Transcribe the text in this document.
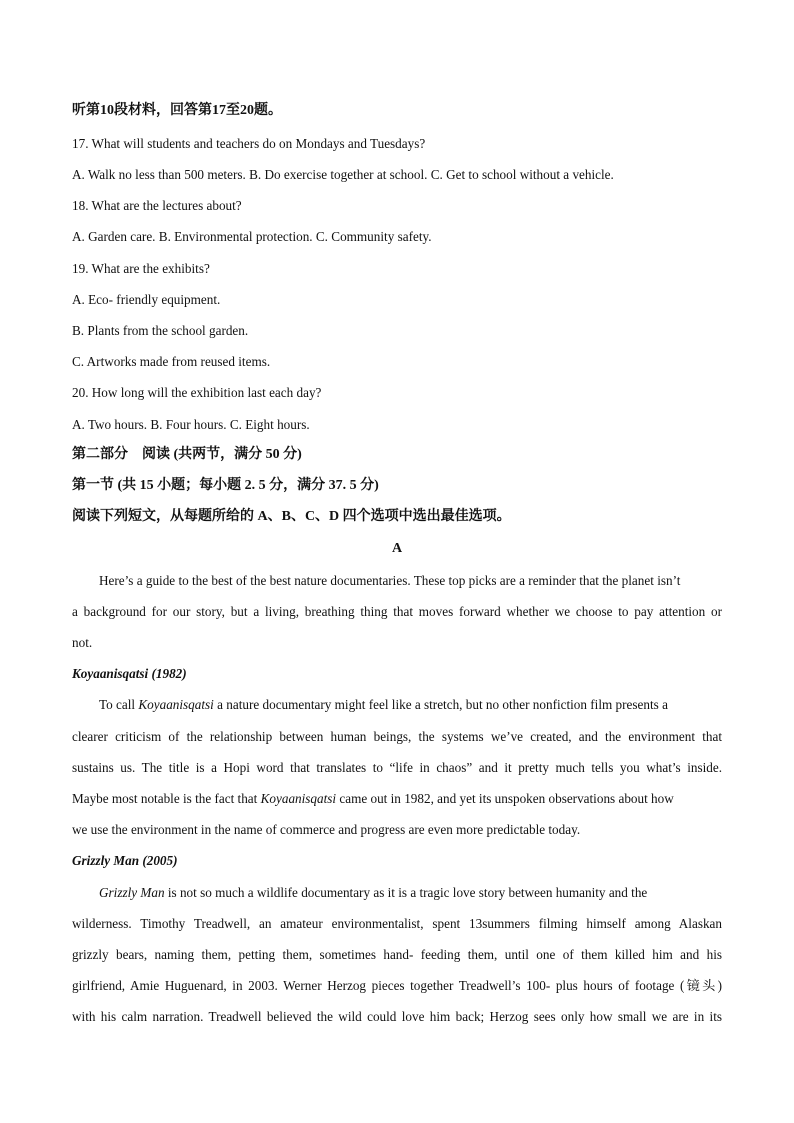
听第10段材料，回答第17至20题。
17. What will students and teachers do on Mondays and Tuesdays?
A. Walk no less than 500 meters. B. Do exercise together at school. C. Get to school without a vehicle.
18. What are the lectures about?
A. Garden care. B. Environmental protection. C. Community safety.
19. What are the exhibits?
A. Eco- friendly equipment.
B. Plants from the school garden.
C. Artworks made from reused items.
20. How long will the exhibition last each day?
A. Two hours. B. Four hours. C. Eight hours.
第二部分　阅读 (共两节，满分 50 分)
第一节 (共 15 小题；每小题 2. 5 分，满分 37. 5 分)
阅读下列短文，从每题所给的 A、B、C、D 四个选项中选出最佳选项。
A
Here’s a guide to the best of the best nature documentaries. These top picks are a reminder that the planet isn’t
a background for our story, but a living, breathing thing that moves forward whether we choose to pay attention or
not.
Koyaanisqatsi (1982)
To call Koyaanisqatsi a nature documentary might feel like a stretch, but no other nonfiction film presents a
clearer criticism of the relationship between human beings, the systems we’ve created, and the environment that
sustains us. The title is a Hopi word that translates to “life in chaos” and it pretty much tells you what’s inside.
Maybe most notable is the fact that Koyaanisqatsi came out in 1982, and yet its unspoken observations about how
we use the environment in the name of commerce and progress are even more predictable today.
Grizzly Man (2005)
Grizzly Man is not so much a wildlife documentary as it is a tragic love story between humanity and the
wilderness. Timothy Treadwell, an amateur environmentalist, spent 13summers filming himself among Alaskan
grizzly bears, naming them, petting them, sometimes hand- feeding them, until one of them killed him and his
girlfriend, Amie Huguenard, in 2003. Werner Herzog pieces together Treadwell’s 100- plus hours of footage (镜头)
with his calm narration. Treadwell believed the wild could love him back; Herzog sees only how small we are in its
